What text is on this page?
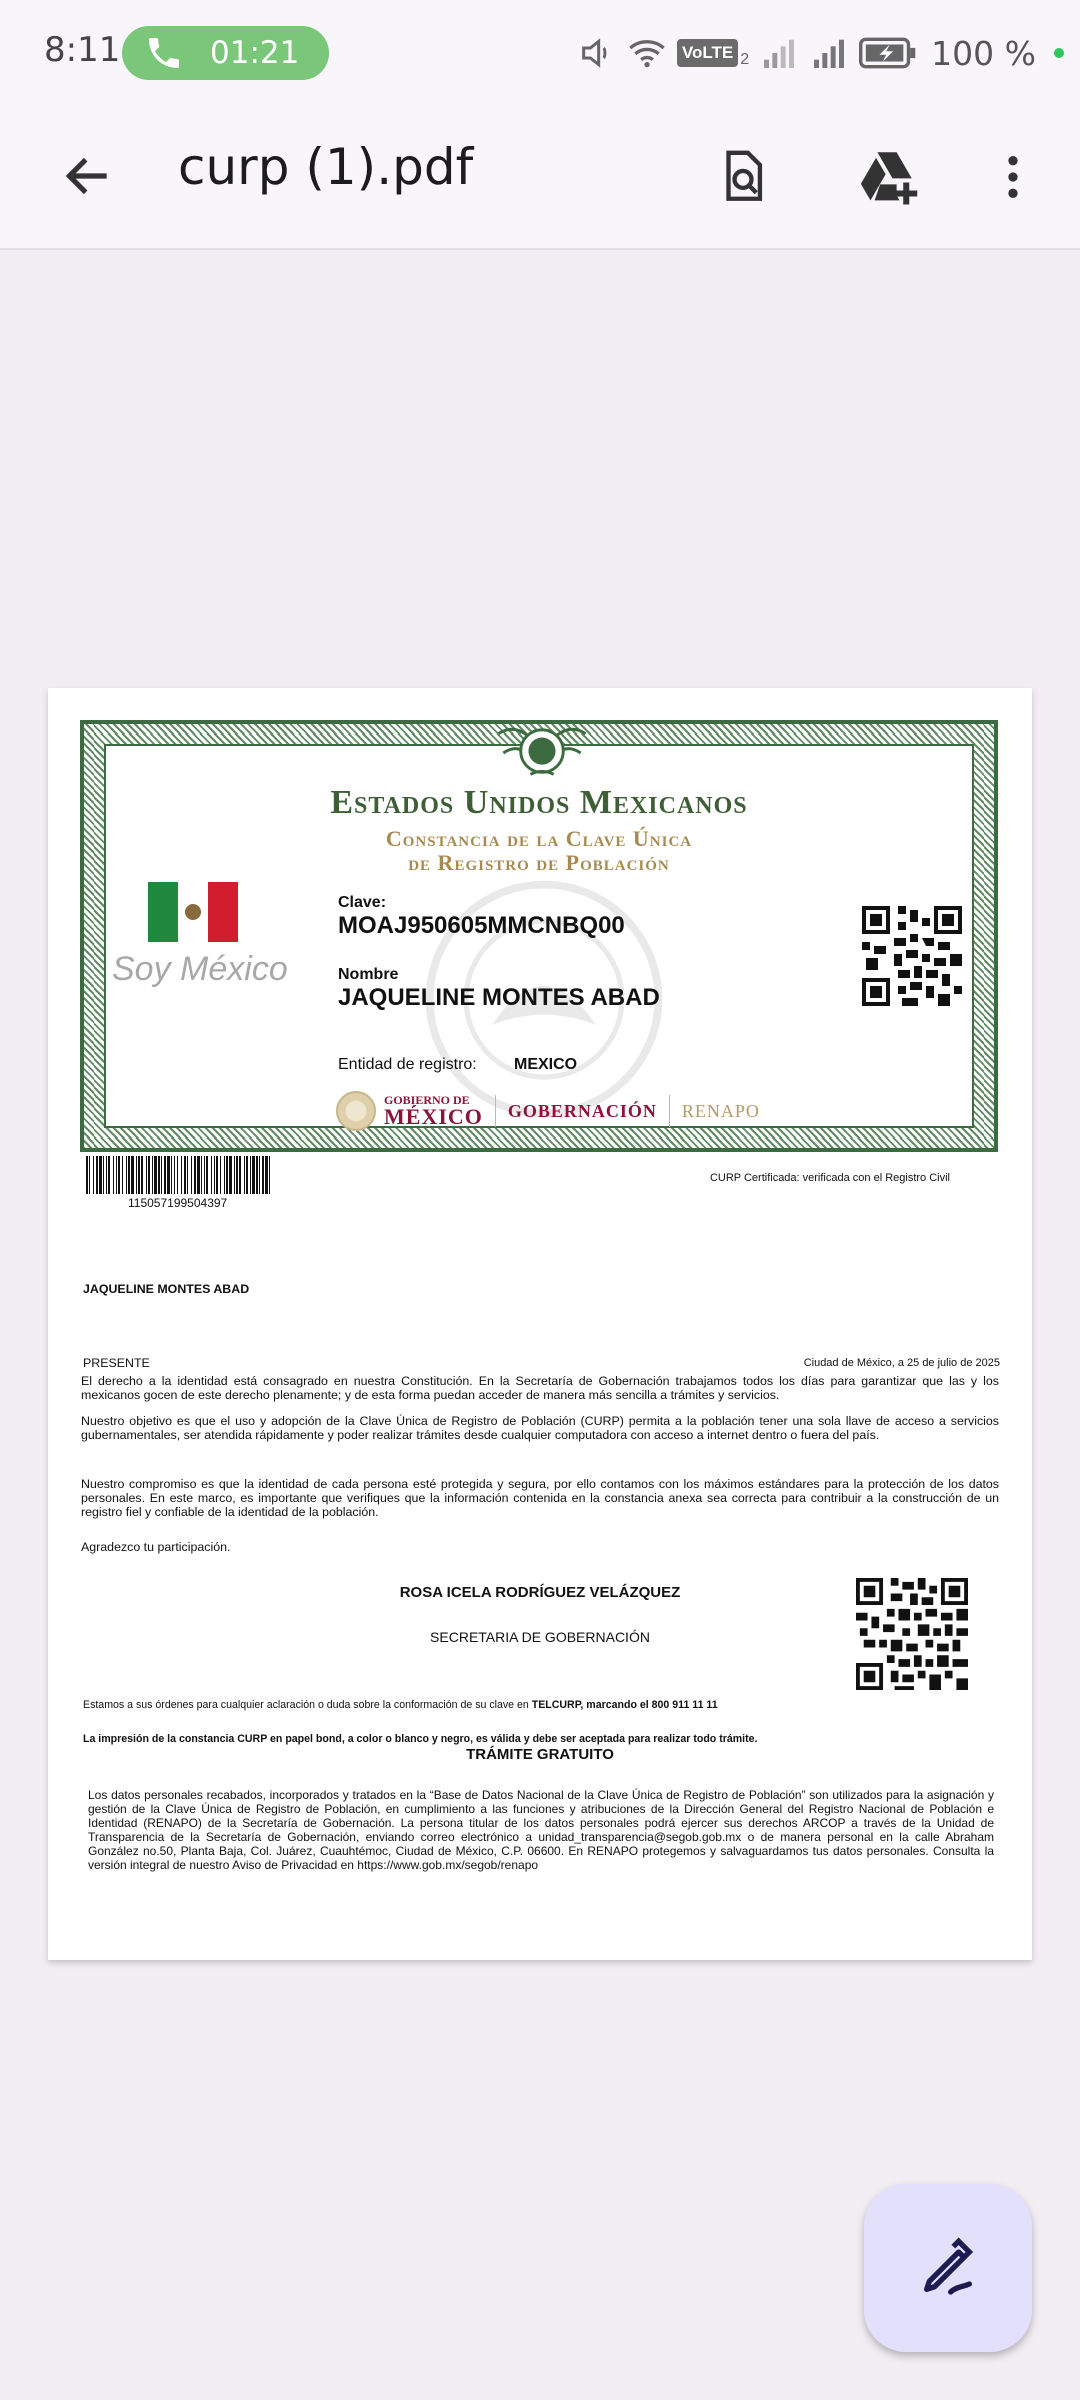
8:11	01:21	VoLTE 2	100 %
curp (1).pdf
Estados Unidos Mexicanos
Constancia de la Clave Única
de Registro de Población
Soy México
Clave:
MOAJ950605MMCNBQ00
Nombre
JAQUELINE MONTES ABAD
Entidad de registro: MEXICO
GOBIERNO DE
MÉXICO GOBERNACIÓN RENAPO
115057199504397
CURP Certificada: verificada con el Registro Civil
JAQUELINE MONTES ABAD
PRESENTE	Ciudad de México, a 25 de julio de 2025
El derecho a la identidad está consagrado en nuestra Constitución. En la Secretaría de Gobernación trabajamos todos los días para garantizar que las y los mexicanos gocen de este derecho plenamente; y de esta forma puedan acceder de manera más sencilla a trámites y servicios.
Nuestro objetivo es que el uso y adopción de la Clave Única de Registro de Población (CURP) permita a la población tener una sola llave de acceso a servicios gubernamentales, ser atendida rápidamente y poder realizar trámites desde cualquier computadora con acceso a internet dentro o fuera del país.
Nuestro compromiso es que la identidad de cada persona esté protegida y segura, por ello contamos con los máximos estándares para la protección de los datos personales. En este marco, es importante que verifiques que la información contenida en la constancia anexa sea correcta para contribuir a la construcción de un registro fiel y confiable de la identidad de la población.
Agradezco tu participación.
ROSA ICELA RODRÍGUEZ VELÁZQUEZ
SECRETARIA DE GOBERNACIÓN
Estamos a sus órdenes para cualquier aclaración o duda sobre la conformación de su clave en TELCURP, marcando el 800 911 11 11
La impresión de la constancia CURP en papel bond, a color o blanco y negro, es válida y debe ser aceptada para realizar todo trámite.
TRÁMITE GRATUITO
Los datos personales recabados, incorporados y tratados en la “Base de Datos Nacional de la Clave Única de Registro de Población” son utilizados para la asignación y gestión de la Clave Única de Registro de Población, en cumplimiento a las funciones y atribuciones de la Dirección General del Registro Nacional de Población e Identidad (RENAPO) de la Secretaría de Gobernación. La persona titular de los datos personales podrá ejercer sus derechos ARCOP a través de la Unidad de Transparencia de la Secretaría de Gobernación, enviando correo electrónico a unidad_transparencia@segob.gob.mx o de manera personal en la calle Abraham González no.50, Planta Baja, Col. Juárez, Cuauhtémoc, Ciudad de México, C.P. 06600. En RENAPO protegemos y salvaguardamos tus datos personales. Consulta la versión integral de nuestro Aviso de Privacidad en https://www.gob.mx/segob/renapo
